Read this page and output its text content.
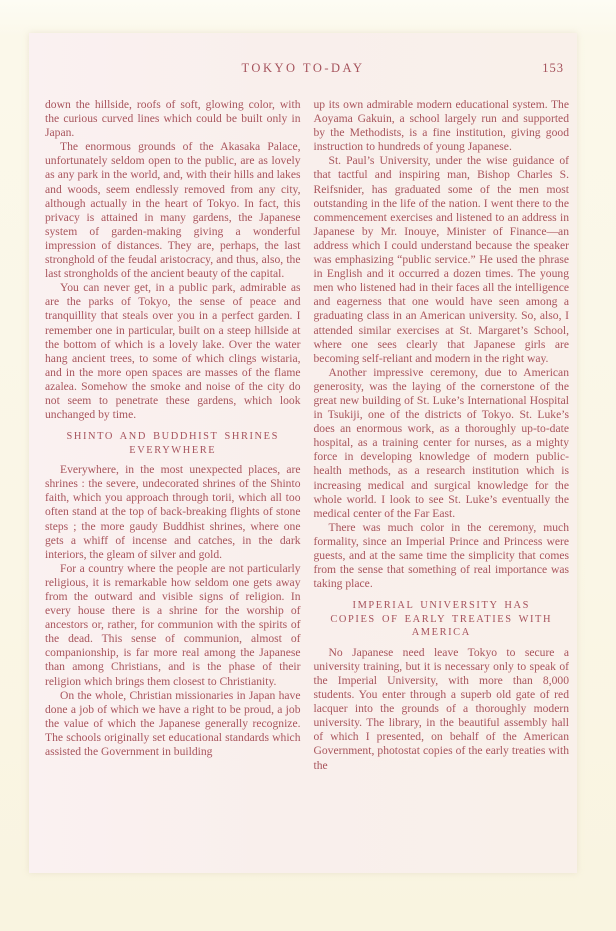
TOKYO TO-DAY	153

down the hillside, roofs of soft, glowing color, with the curious curved lines which could be built only in Japan.

The enormous grounds of the Akasaka Palace, unfortunately seldom open to the public, are as lovely as any park in the world, and, with their hills and lakes and woods, seem endlessly removed from any city, although actually in the heart of Tokyo. In fact, this privacy is attained in many gardens, the Japanese system of garden-making giving a wonderful impression of distances. They are, perhaps, the last stronghold of the feudal aristocracy, and thus, also, the last strongholds of the ancient beauty of the capital.

You can never get, in a public park, admirable as are the parks of Tokyo, the sense of peace and tranquillity that steals over you in a perfect garden. I remember one in particular, built on a steep hillside at the bottom of which is a lovely lake. Over the water hang ancient trees, to some of which clings wistaria, and in the more open spaces are masses of the flame azalea. Somehow the smoke and noise of the city do not seem to penetrate these gardens, which look unchanged by time.

SHINTO AND BUDDHIST SHRINES EVERYWHERE

Everywhere, in the most unexpected places, are shrines : the severe, undecorated shrines of the Shinto faith, which you approach through torii, which all too often stand at the top of back-breaking flights of stone steps ; the more gaudy Buddhist shrines, where one gets a whiff of incense and catches, in the dark interiors, the gleam of silver and gold.

For a country where the people are not particularly religious, it is remarkable how seldom one gets away from the outward and visible signs of religion. In every house there is a shrine for the worship of ancestors or, rather, for communion with the spirits of the dead. This sense of communion, almost of companionship, is far more real among the Japanese than among Christians, and is the phase of their religion which brings them closest to Christianity.

On the whole, Christian missionaries in Japan have done a job of which we have a right to be proud, a job the value of which the Japanese generally recognize. The schools originally set educational standards which assisted the Government in building

up its own admirable modern educational system. The Aoyama Gakuin, a school largely run and supported by the Methodists, is a fine institution, giving good instruction to hundreds of young Japanese.

St. Paul’s University, under the wise guidance of that tactful and inspiring man, Bishop Charles S. Reifsnider, has graduated some of the men most outstanding in the life of the nation. I went there to the commencement exercises and listened to an address in Japanese by Mr. Inouye, Minister of Finance—an address which I could understand because the speaker was emphasizing “public service.” He used the phrase in English and it occurred a dozen times. The young men who listened had in their faces all the intelligence and eagerness that one would have seen among a graduating class in an American university. So, also, I attended similar exercises at St. Margaret’s School, where one sees clearly that Japanese girls are becoming self-reliant and modern in the right way.

Another impressive ceremony, due to American generosity, was the laying of the cornerstone of the great new building of St. Luke’s International Hospital in Tsukiji, one of the districts of Tokyo. St. Luke’s does an enormous work, as a thoroughly up-to-date hospital, as a training center for nurses, as a mighty force in developing knowledge of modern public-health methods, as a research institution which is increasing medical and surgical knowledge for the whole world. I look to see St. Luke’s eventually the medical center of the Far East.

There was much color in the ceremony, much formality, since an Imperial Prince and Princess were guests, and at the same time the simplicity that comes from the sense that something of real importance was taking place.

IMPERIAL UNIVERSITY HAS COPIES OF EARLY TREATIES WITH AMERICA

No Japanese need leave Tokyo to secure a university training, but it is necessary only to speak of the Imperial University, with more than 8,000 students. You enter through a superb old gate of red lacquer into the grounds of a thoroughly modern university. The library, in the beautiful assembly hall of which I presented, on behalf of the American Government, photostat copies of the early treaties with the
